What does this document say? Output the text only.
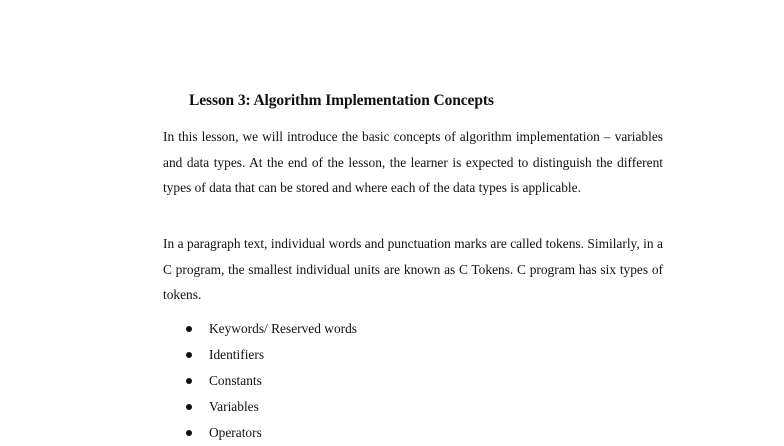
Lesson 3: Algorithm Implementation Concepts

In this lesson, we will introduce the basic concepts of algorithm implementation – variables and data types. At the end of the lesson, the learner is expected to distinguish the different types of data that can be stored and where each of the data types is applicable.

In a paragraph text, individual words and punctuation marks are called tokens. Similarly, in a C program, the smallest individual units are known as C Tokens. C program has six types of tokens.

Keywords/ Reserved words
Identifiers
Constants
Variables
Operators
